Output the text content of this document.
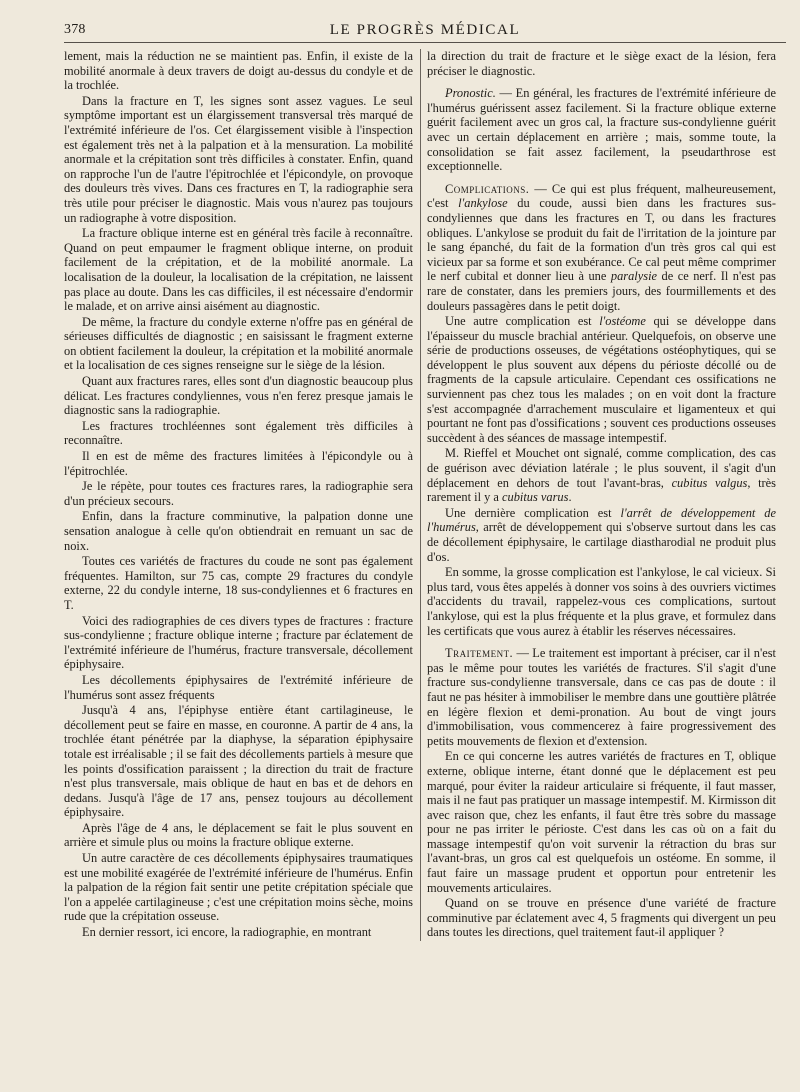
378	LE PROGRÈS MÉDICAL

lement, mais la réduction ne se maintient pas. Enfin, il existe de la mobilité anormale à deux travers de doigt au-dessus du condyle et de la trochlée.

Dans la fracture en T, les signes sont assez vagues. Le seul symptôme important est un élargissement transversal très marqué de l'extrémité inférieure de l'os. Cet élargissement visible à l'inspection est également très net à la palpation et à la mensuration. La mobilité anormale et la crépitation sont très difficiles à constater. Enfin, quand on rapproche l'un de l'autre l'épitrochlée et l'épicondyle, on provoque des douleurs très vives. Dans ces fractures en T, la radiographie sera très utile pour préciser le diagnostic. Mais vous n'aurez pas toujours un radiographe à votre disposition.

La fracture oblique interne est en général très facile à reconnaître. Quand on peut empaumer le fragment oblique interne, on produit facilement de la crépitation, et de la mobilité anormale. La localisation de la douleur, la localisation de la crépitation, ne laissent pas place au doute. Dans les cas difficiles, il est nécessaire d'endormir le malade, et on arrive ainsi aisément au diagnostic.

De même, la fracture du condyle externe n'offre pas en général de sérieuses difficultés de diagnostic ; en saisissant le fragment externe on obtient facilement la douleur, la crépitation et la mobilité anormale et la localisation de ces signes renseigne sur le siège de la lésion.

Quant aux fractures rares, elles sont d'un diagnostic beaucoup plus délicat. Les fractures condyliennes, vous n'en ferez presque jamais le diagnostic sans la radiographie.

Les fractures trochléennes sont également très difficiles à reconnaître.

Il en est de même des fractures limitées à l'épicondyle ou à l'épitrochlée.

Je le répète, pour toutes ces fractures rares, la radiographie sera d'un précieux secours.

Enfin, dans la fracture comminutive, la palpation donne une sensation analogue à celle qu'on obtiendrait en remuant un sac de noix.

Toutes ces variétés de fractures du coude ne sont pas également fréquentes. Hamilton, sur 75 cas, compte 29 fractures du condyle externe, 22 du condyle interne, 18 sus-condyliennes et 6 fractures en T.

Voici des radiographies de ces divers types de fractures : fracture sus-condylienne ; fracture oblique interne ; fracture par éclatement de l'extrémité inférieure de l'humérus, fracture transversale, décollement épiphysaire.

Les décollements épiphysaires de l'extrémité inférieure de l'humérus sont assez fréquents

Jusqu'à 4 ans, l'épiphyse entière étant cartilagineuse, le décollement peut se faire en masse, en couronne. A partir de 4 ans, la trochlée étant pénétrée par la diaphyse, la séparation épiphysaire totale est irréalisable ; il se fait des décollements partiels à mesure que les points d'ossification paraissent ; la direction du trait de fracture n'est plus transversale, mais oblique de haut en bas et de dehors en dedans. Jusqu'à l'âge de 17 ans, pensez toujours au décollement épiphysaire.

Après l'âge de 4 ans, le déplacement se fait le plus souvent en arrière et simule plus ou moins la fracture oblique externe.

Un autre caractère de ces décollements épiphysaires traumatiques est une mobilité exagérée de l'extrémité inférieure de l'humérus. Enfin la palpation de la région fait sentir une petite crépitation spéciale que l'on a appelée cartilagineuse ; c'est une crépitation moins sèche, moins rude que la crépitation osseuse.

En dernier ressort, ici encore, la radiographie, en montrant

la direction du trait de fracture et le siège exact de la lésion, fera préciser le diagnostic.

Pronostic. — En général, les fractures de l'extrémité inférieure de l'humérus guérissent assez facilement. Si la fracture oblique externe guérit facilement avec un gros cal, la fracture sus-condylienne guérit avec un certain déplacement en arrière ; mais, somme toute, la consolidation se fait assez facilement, la pseudarthrose est exceptionnelle.

Complications. — Ce qui est plus fréquent, malheureusement, c'est l'ankylose du coude, aussi bien dans les fractures sus-condyliennes que dans les fractures en T, ou dans les fractures obliques. L'ankylose se produit du fait de l'irritation de la jointure par le sang épanché, du fait de la formation d'un très gros cal qui est vicieux par sa forme et son exubérance. Ce cal peut même comprimer le nerf cubital et donner lieu à une paralysie de ce nerf. Il n'est pas rare de constater, dans les premiers jours, des fourmillements et des douleurs passagères dans le petit doigt.

Une autre complication est l'ostéome qui se développe dans l'épaisseur du muscle brachial antérieur. Quelquefois, on observe une série de productions osseuses, de végétations ostéophytiques, qui se développent le plus souvent aux dépens du périoste décollé ou de fragments de la capsule articulaire. Cependant ces ossifications ne surviennent pas chez tous les malades ; on en voit dont la fracture s'est accompagnée d'arrachement musculaire et ligamenteux et qui pourtant ne font pas d'ossifications ; souvent ces productions osseuses succèdent à des séances de massage intempestif.

M. Rieffel et Mouchet ont signalé, comme complication, des cas de guérison avec déviation latérale ; le plus souvent, il s'agit d'un déplacement en dehors de tout l'avant-bras, cubitus valgus, très rarement il y a cubitus varus.

Une dernière complication est l'arrêt de développement de l'humérus, arrêt de développement qui s'observe surtout dans les cas de décollement épiphysaire, le cartilage diastharodial ne produit plus d'os.

En somme, la grosse complication est l'ankylose, le cal vicieux. Si plus tard, vous êtes appelés à donner vos soins à des ouvriers victimes d'accidents du travail, rappelez-vous ces complications, surtout l'ankylose, qui est la plus fréquente et la plus grave, et formulez dans les certificats que vous aurez à établir les réserves nécessaires.

Traitement. — Le traitement est important à préciser, car il n'est pas le même pour toutes les variétés de fractures. S'il s'agit d'une fracture sus-condylienne transversale, dans ce cas pas de doute : il faut ne pas hésiter à immobiliser le membre dans une gouttière plâtrée en légère flexion et demi-pronation. Au bout de vingt jours d'immobilisation, vous commencerez à faire progressivement des petits mouvements de flexion et d'extension.

En ce qui concerne les autres variétés de fractures en T, oblique externe, oblique interne, étant donné que le déplacement est peu marqué, pour éviter la raideur articulaire si fréquente, il faut masser, mais il ne faut pas pratiquer un massage intempestif. M. Kirmisson dit avec raison que, chez les enfants, il faut être très sobre du massage pour ne pas irriter le périoste. C'est dans les cas où on a fait du massage intempestif qu'on voit survenir la rétraction du bras sur l'avant-bras, un gros cal est quelquefois un ostéome. En somme, il faut faire un massage prudent et opportun pour entretenir les mouvements articulaires.

Quand on se trouve en présence d'une variété de fracture comminutive par éclatement avec 4, 5 fragments qui divergent un peu dans toutes les directions, quel traitement faut-il appliquer ?
